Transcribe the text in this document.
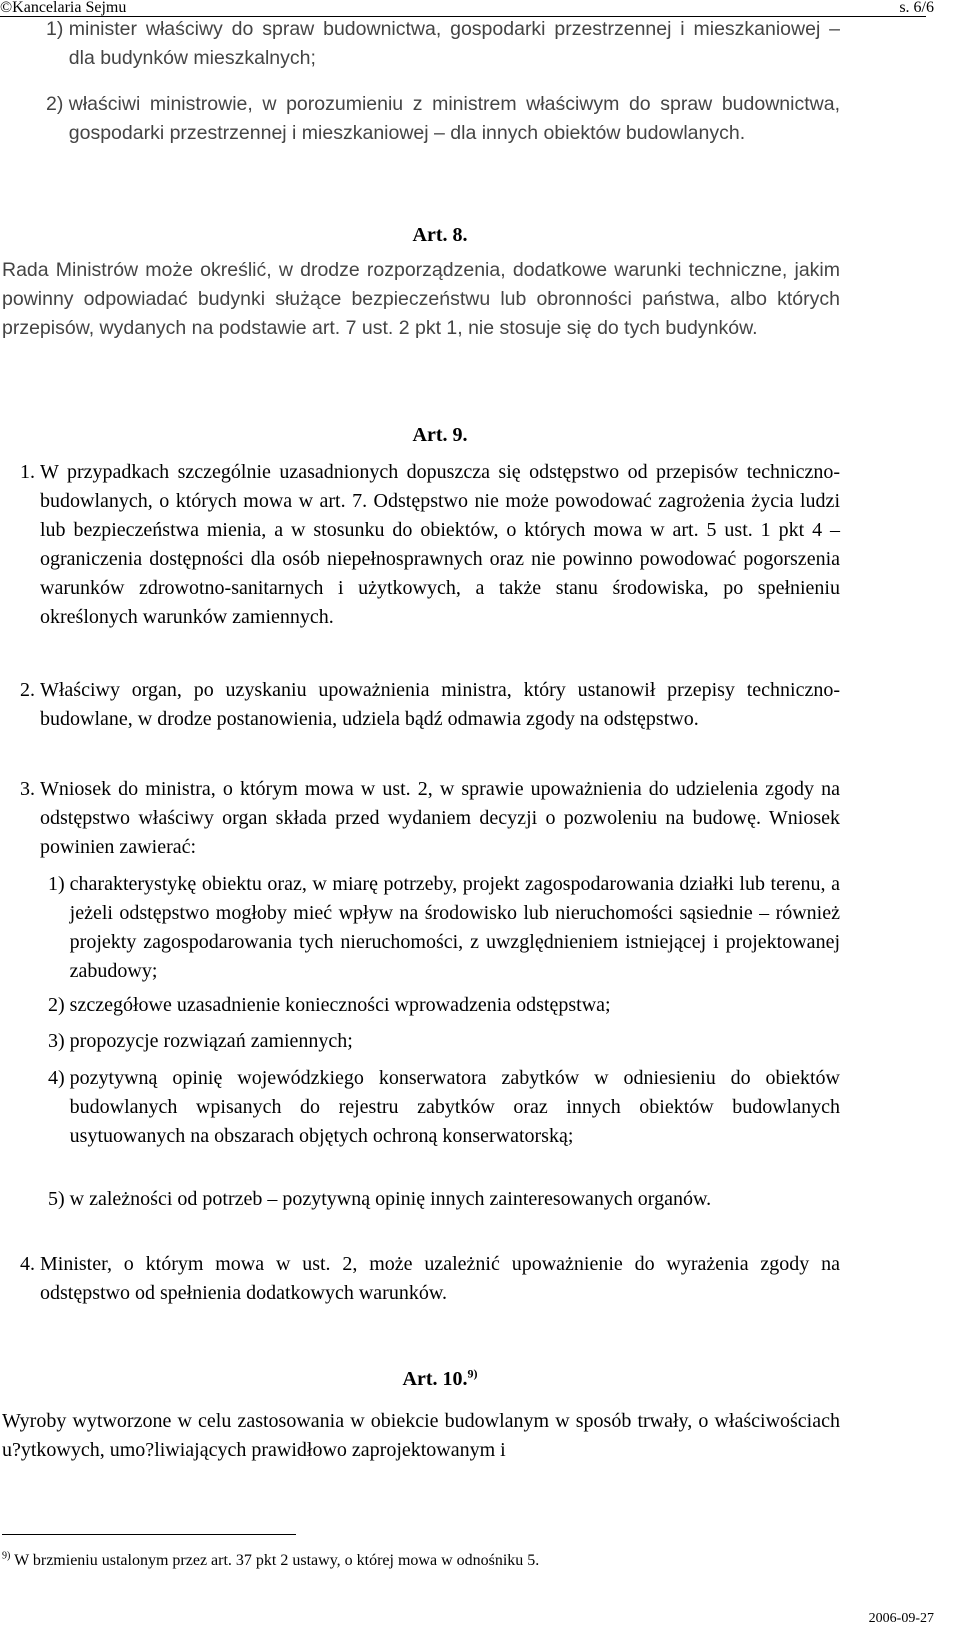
©Kancelaria Sejmu	s. 6/6
1) minister właściwy do spraw budownictwa, gospodarki przestrzennej i mieszkaniowej – dla budynków mieszkalnych;
2) właściwi ministrowie, w porozumieniu z ministrem właściwym do spraw budownictwa, gospodarki przestrzennej i mieszkaniowej – dla innych obiektów budowlanych.
Art. 8.
Rada Ministrów może określić, w drodze rozporządzenia, dodatkowe warunki techniczne, jakim powinny odpowiadać budynki służące bezpieczeństwu lub obronności państwa, albo których przepisów, wydanych na podstawie art. 7 ust. 2 pkt 1, nie stosuje się do tych budynków.
Art. 9.
1. W przypadkach szczególnie uzasadnionych dopuszcza się odstępstwo od przepisów techniczno-budowlanych, o których mowa w art. 7. Odstępstwo nie może powodować zagrożenia życia ludzi lub bezpieczeństwa mienia, a w stosunku do obiektów, o których mowa w art. 5 ust. 1 pkt 4 – ograniczenia dostępności dla osób niepełnosprawnych oraz nie powinno powodować pogorszenia warunków zdrowotno-sanitarnych i użytkowych, a także stanu środowiska, po spełnieniu określonych warunków zamiennych.
2. Właściwy organ, po uzyskaniu upoważnienia ministra, który ustanowił przepisy techniczno-budowlane, w drodze postanowienia, udziela bądź odmawia zgody na odstępstwo.
3. Wniosek do ministra, o którym mowa w ust. 2, w sprawie upoważnienia do udzielenia zgody na odstępstwo właściwy organ składa przed wydaniem decyzji o pozwoleniu na budowę. Wniosek powinien zawierać:
1) charakterystykę obiektu oraz, w miarę potrzeby, projekt zagospodarowania działki lub terenu, a jeżeli odstępstwo mogłoby mieć wpływ na środowisko lub nieruchomości sąsiednie – również projekty zagospodarowania tych nieruchomości, z uwzględnieniem istniejącej i projektowanej zabudowy;
2) szczegółowe uzasadnienie konieczności wprowadzenia odstępstwa;
3) propozycje rozwiązań zamiennych;
4) pozytywną opinię wojewódzkiego konserwatora zabytków w odniesieniu do obiektów budowlanych wpisanych do rejestru zabytków oraz innych obiektów budowlanych usytuowanych na obszarach objętych ochroną konserwatorską;
5) w zależności od potrzeb – pozytywną opinię innych zainteresowanych organów.
4. Minister, o którym mowa w ust. 2, może uzależnić upoważnienie do wyrażenia zgody na odstępstwo od spełnienia dodatkowych warunków.
Art. 10.$^{9)}$
Wyroby wytworzone w celu zastosowania w obiekcie budowlanym w sposób trwały, o właściwościach u?ytkowych, umo?liwiających prawidłowo zaprojektowanym i
$^{9)}$ W brzmieniu ustalonym przez art. 37 pkt 2 ustawy, o której mowa w odnośniku 5.
2006-09-27
